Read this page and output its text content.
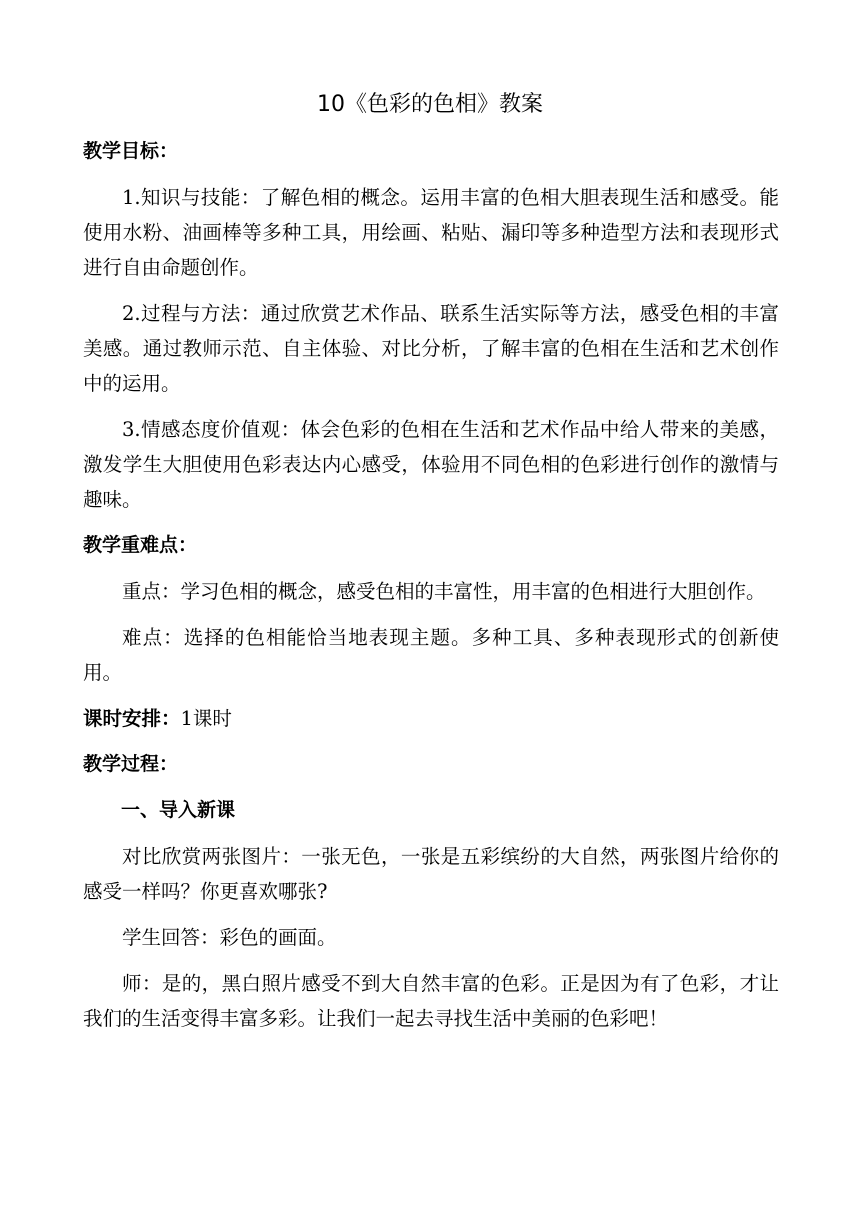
10《色彩的色相》教案
教学目标：
1.知识与技能：了解色相的概念。运用丰富的色相大胆表现生活和感受。能使用水粉、油画棒等多种工具，用绘画、粘贴、漏印等多种造型方法和表现形式进行自由命题创作。
2.过程与方法：通过欣赏艺术作品、联系生活实际等方法，感受色相的丰富美感。通过教师示范、自主体验、对比分析，了解丰富的色相在生活和艺术创作中的运用。
3.情感态度价值观：体会色彩的色相在生活和艺术作品中给人带来的美感，激发学生大胆使用色彩表达内心感受，体验用不同色相的色彩进行创作的激情与趣味。
教学重难点：
重点：学习色相的概念，感受色相的丰富性，用丰富的色相进行大胆创作。
难点：选择的色相能恰当地表现主题。多种工具、多种表现形式的创新使用。
课时安排：1课时
教学过程：
一、导入新课
对比欣赏两张图片：一张无色，一张是五彩缤纷的大自然，两张图片给你的感受一样吗？你更喜欢哪张?
学生回答：彩色的画面。
师：是的，黑白照片感受不到大自然丰富的色彩。正是因为有了色彩，才让我们的生活变得丰富多彩。让我们一起去寻找生活中美丽的色彩吧！
